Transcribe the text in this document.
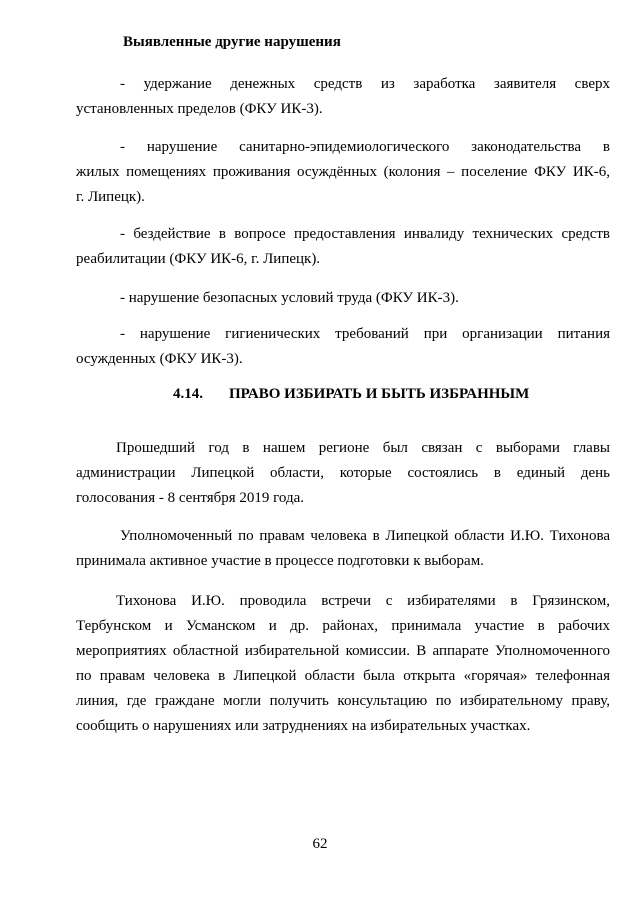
Выявленные другие нарушения
- удержание денежных средств из заработка заявителя сверх
установленных пределов (ФКУ ИК-3).
- нарушение санитарно-эпидемиологического законодательства в
жилых помещениях проживания осуждённых (колония – поселение ФКУ ИК-6,
г. Липецк).
- бездействие в вопросе предоставления инвалиду технических средств
реабилитации (ФКУ ИК-6, г. Липецк).
- нарушение безопасных условий труда (ФКУ ИК-3).
- нарушение гигиенических требований при организации питания
осужденных (ФКУ ИК-3).
4.14. ПРАВО ИЗБИРАТЬ И БЫТЬ ИЗБРАННЫМ
Прошедший год в нашем регионе был связан с выборами главы
администрации Липецкой области, которые состоялись в единый день
голосования - 8 сентября 2019 года.
Уполномоченный по правам человека в Липецкой области И.Ю. Тихонова
принимала активное участие в процессе подготовки к выборам.
Тихонова И.Ю. проводила встречи с избирателями в Грязинском,
Тербунском и Усманском и др. районах, принимала участие в рабочих
мероприятиях областной избирательной комиссии. В аппарате Уполномоченного
по правам человека в Липецкой области была открыта «горячая» телефонная
линия, где граждане могли получить консультацию по избирательному праву,
сообщить о нарушениях или затруднениях на избирательных участках.
62
